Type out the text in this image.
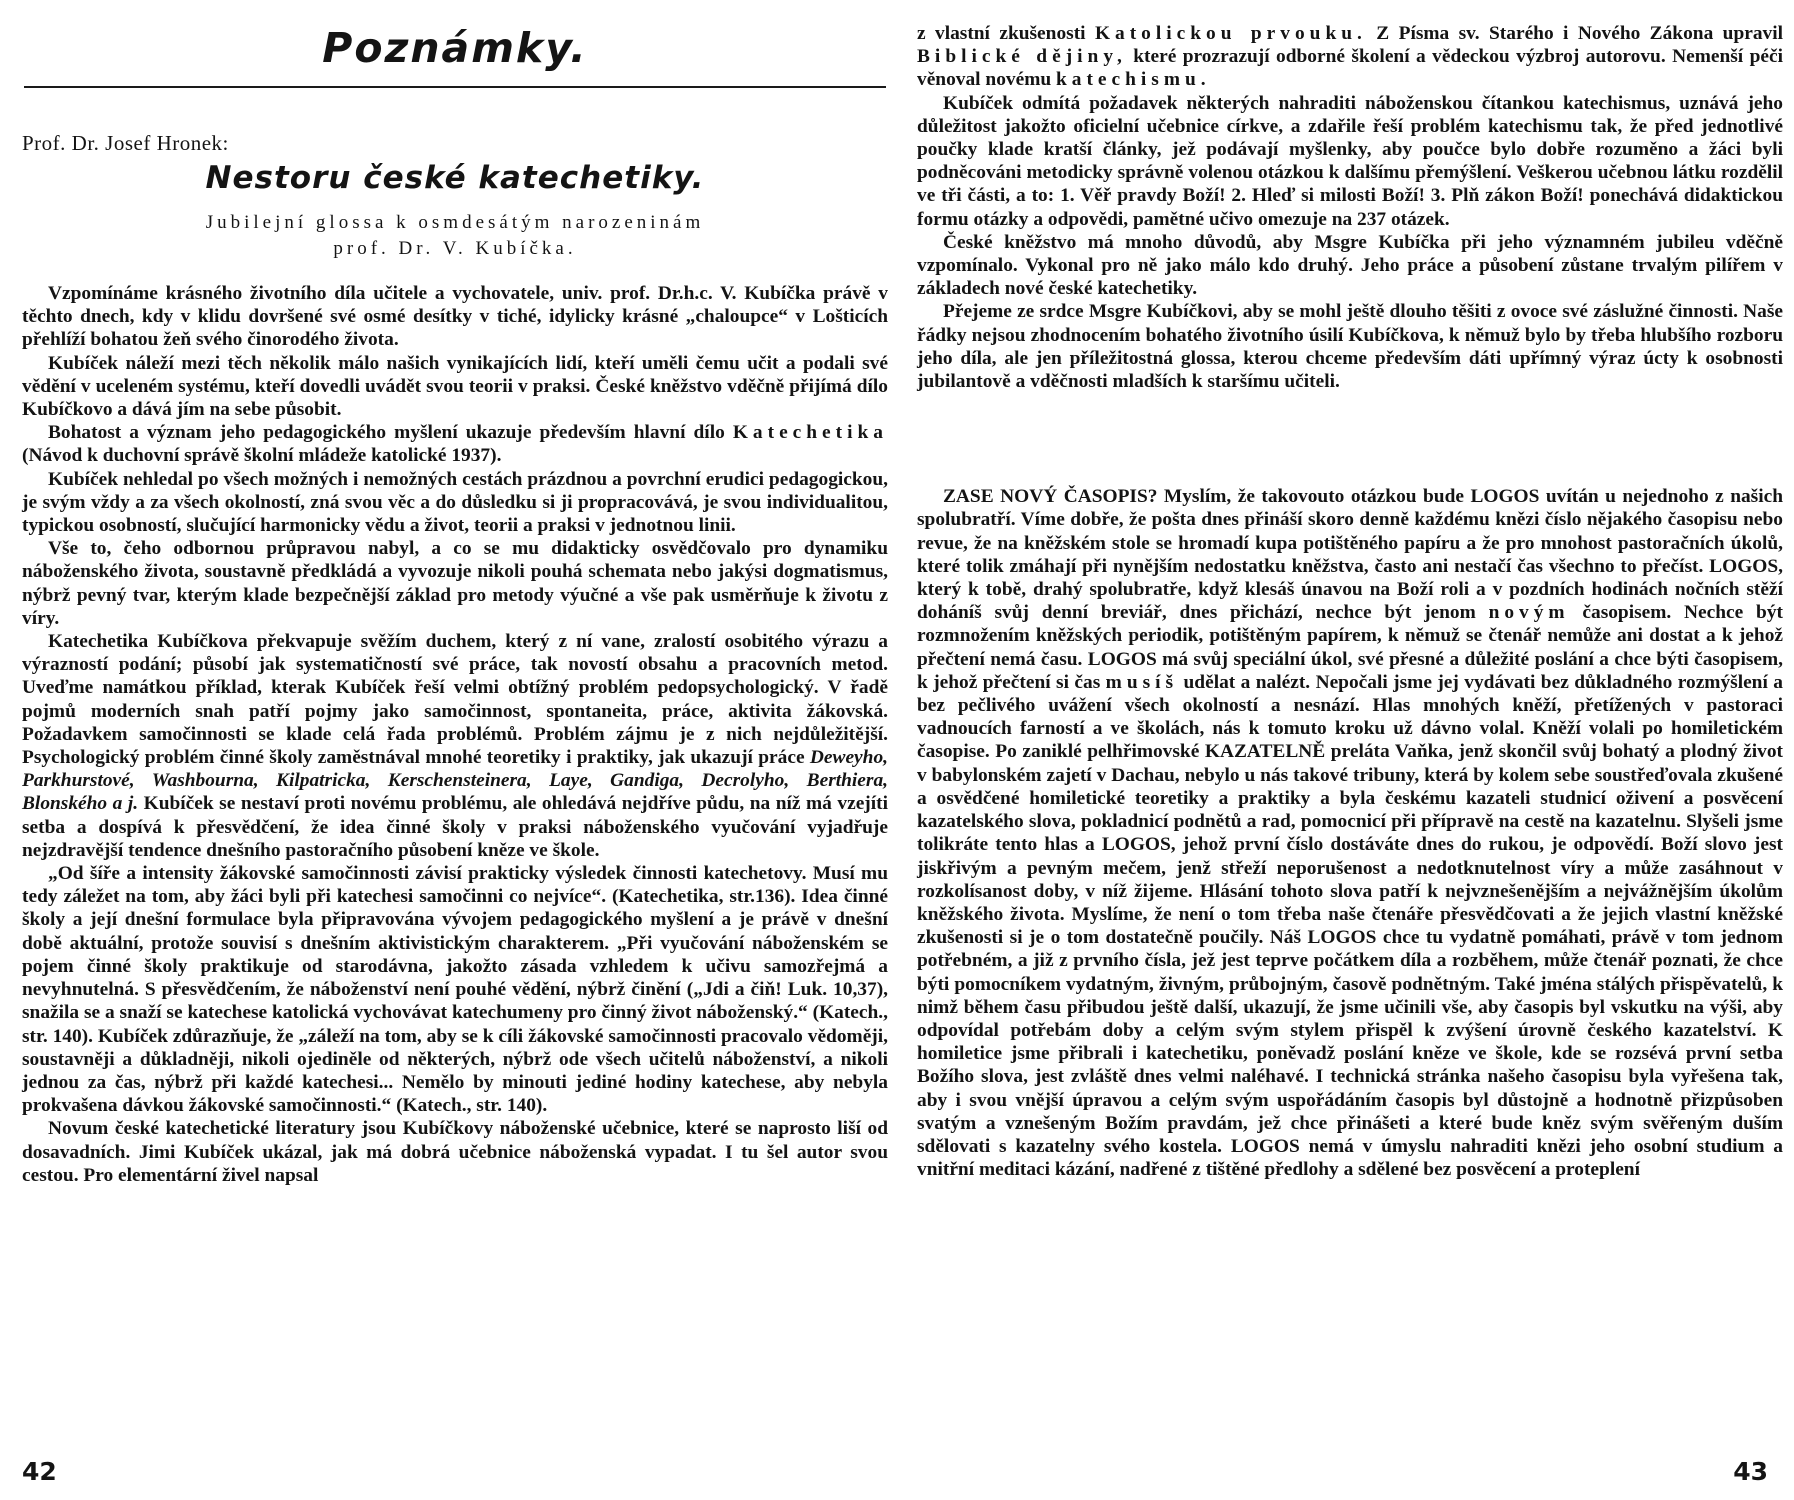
Poznámky.
Prof. Dr. Josef Hronek:
Nestoru české katechetiky.
Jubilejní glossa k osmdesátým narozeninám
prof. Dr. V. Kubíčka.

Vzpomínáme krásného životního díla učitele a vychovatele, univ. prof. Dr.h.c. V. Kubíčka právě v těchto dnech, kdy v klidu dovršené své osmé desítky v tiché, idylicky krásné „chaloupce“ v Lošticích přehlíží bohatou žeň svého činorodého života.

Kubíček náleží mezi těch několik málo našich vynikajících lidí, kteří uměli čemu učit a podali své vědění v uceleném systému, kteří dovedli uvádět svou teorii v praksi. České kněžstvo vděčně přijímá dílo Kubíčkovo a dává jím na sebe působit.

Bohatost a význam jeho pedagogického myšlení ukazuje především hlavní dílo Katechetika (Návod k duchovní správě školní mládeže katolické 1937).

Kubíček nehledal po všech možných i nemožných cestách prázdnou a povrchní erudici pedagogickou, je svým vždy a za všech okolností, zná svou věc a do důsledku si ji propracovává, je svou individualitou, typickou osobností, slučující harmonicky vědu a život, teorii a praksi v jednotnou linii.

Vše to, čeho odbornou průpravou nabyl, a co se mu didakticky osvědčovalo pro dynamiku náboženského života, soustavně předkládá a vyvozuje nikoli pouhá schemata nebo jakýsi dogmatismus, nýbrž pevný tvar, kterým klade bezpečnější základ pro metody výučné a vše pak usměrňuje k životu z víry.

Katechetika Kubíčkova překvapuje svěžím duchem, který z ní vane, zralostí osobitého výrazu a výrazností podání; působí jak systematičností své práce, tak novostí obsahu a pracovních metod. Uveďme namátkou příklad, kterak Kubíček řeší velmi obtížný problém pedopsychologický. V řadě pojmů moderních snah patří pojmy jako samočinnost, spontaneita, práce, aktivita žákovská. Požadavkem samočinnosti se klade celá řada problémů. Problém zájmu je z nich nejdůležitější. Psychologický problém činné školy zaměstnával mnohé teoretiky i praktiky, jak ukazují práce Deweyho, Parkhurstové, Washbourna, Kilpatricka, Kerschensteinera, Laye, Gandiga, Decrolyho, Berthiera, Blonského a j. Kubíček se nestaví proti novému problému, ale ohledává nejdříve půdu, na níž má vzejíti setba a dospívá k přesvědčení, že idea činné školy v praksi náboženského vyučování vyjadřuje nejzdravější tendence dnešního pastoračního působení kněze ve škole.

„Od šíře a intensity žákovské samočinnosti závisí prakticky výsledek činnosti katechetovy. Musí mu tedy záležet na tom, aby žáci byli při katechesi samočinni co nejvíce“. (Katechetika, str.136). Idea činné školy a její dnešní formulace byla připravována vývojem pedagogického myšlení a je právě v dnešní době aktuální, protože souvisí s dnešním aktivistickým charakterem. „Při vyučování náboženském se pojem činné školy praktikuje od starodávna, jakožto zásada vzhledem k učivu samozřejmá a nevyhnutelná. S přesvědčením, že náboženství není pouhé vědění, nýbrž činění („Jdi a čiň! Luk. 10,37), snažila se a snaží se katechese katolická vychovávat katechumeny pro činný život náboženský.“ (Katech., str. 140). Kubíček zdůrazňuje, že „záleží na tom, aby se k cíli žákovské samočinnosti pracovalo vědoměji, soustavněji a důkladněji, nikoli ojediněle od některých, nýbrž ode všech učitelů náboženství, a nikoli jednou za čas, nýbrž při každé katechesi... Nemělo by minouti jediné hodiny katechese, aby nebyla prokvašena dávkou žákovské samočinnosti.“ (Katech., str. 140).

Novum české katechetické literatury jsou Kubíčkovy náboženské učebnice, které se naprosto liší od dosavadních. Jimi Kubíček ukázal, jak má dobrá učebnice náboženská vypadat. I tu šel autor svou cestou. Pro elementární živel napsal

42

z vlastní zkušenosti Katolickou prvouku. Z Písma sv. Starého i Nového Zákona upravil Biblické dějiny, které prozrazují odborné školení a vědeckou výzbroj autorovu. Nemenší péči věnoval novému katechismu.

Kubíček odmítá požadavek některých nahraditi náboženskou čítankou katechismus, uznává jeho důležitost jakožto oficielní učebnice církve, a zdařile řeší problém katechismu tak, že před jednotlivé poučky klade kratší články, jež podávají myšlenky, aby poučce bylo dobře rozuměno a žáci byli podněcováni metodicky správně volenou otázkou k dalšímu přemýšlení. Veškerou učebnou látku rozdělil ve tři části, a to: 1. Věř pravdy Boží! 2. Hleď si milosti Boží! 3. Plň zákon Boží! ponechává didaktickou formu otázky a odpovědi, pamětné učivo omezuje na 237 otázek.

České kněžstvo má mnoho důvodů, aby Msgre Kubíčka při jeho významném jubileu vděčně vzpomínalo. Vykonal pro ně jako málo kdo druhý. Jeho práce a působení zůstane trvalým pilířem v základech nové české katechetiky.

Přejeme ze srdce Msgre Kubíčkovi, aby se mohl ještě dlouho těšiti z ovoce své záslužné činnosti. Naše řádky nejsou zhodnocením bohatého životního úsilí Kubíčkova, k němuž bylo by třeba hlubšího rozboru jeho díla, ale jen příležitostná glossa, kterou chceme především dáti upřímný výraz úcty k osobnosti jubilantově a vděčnosti mladších k staršímu učiteli.

ZASE NOVÝ ČASOPIS? Myslím, že takovouto otázkou bude LOGOS uvítán u nejednoho z našich spolubratří. Víme dobře, že pošta dnes přináší skoro denně každému knězi číslo nějakého časopisu nebo revue, že na kněžském stole se hromadí kupa potištěného papíru a že pro mnohost pastoračních úkolů, které tolik zmáhají při nynějším nedostatku kněžstva, často ani nestačí čas všechno to přečíst. LOGOS, který k tobě, drahý spolubratře, když klesáš únavou na Boží roli a v pozdních hodinách nočních stěží doháníš svůj denní breviář, dnes přichází, nechce být jenom novým časopisem. Nechce být rozmnožením kněžských periodik, potištěným papírem, k němuž se čtenář nemůže ani dostat a k jehož přečtení nemá času. LOGOS má svůj speciální úkol, své přesné a důležité poslání a chce býti časopisem, k jehož přečtení si čas musíš udělat a nalézt. Nepočali jsme jej vydávati bez důkladného rozmýšlení a bez pečlivého uvážení všech okolností a nesnází. Hlas mnohých kněží, přetížených v pastoraci vadnoucích farností a ve školách, nás k tomuto kroku už dávno volal. Kněží volali po homiletickém časopise. Po zaniklé pelhřimovské KAZATELNĚ preláta Vaňka, jenž skončil svůj bohatý a plodný život v babylonském zajetí v Dachau, nebylo u nás takové tribuny, která by kolem sebe soustřeďovala zkušené a osvědčené homiletické teoretiky a praktiky a byla českému kazateli studnicí oživení a posvěcení kazatelského slova, pokladnicí podnětů a rad, pomocnicí při přípravě na cestě na kazatelnu. Slyšeli jsme tolikráte tento hlas a LOGOS, jehož první číslo dostáváte dnes do rukou, je odpovědí. Boží slovo jest jiskřivým a pevným mečem, jenž střeží neporušenost a nedotknutelnost víry a může zasáhnout v rozkolísanost doby, v níž žijeme. Hlásání tohoto slova patří k nejvznešenějším a nejvážnějším úkolům kněžského života. Myslíme, že není o tom třeba naše čtenáře přesvědčovati a že jejich vlastní kněžské zkušenosti si je o tom dostatečně poučily. Náš LOGOS chce tu vydatně pomáhati, právě v tom jednom potřebném, a již z prvního čísla, jež jest teprve počátkem díla a rozběhem, může čtenář poznati, že chce býti pomocníkem vydatným, živným, průbojným, časově podnětným. Také jména stálých přispěvatelů, k nimž během času přibudou ještě další, ukazují, že jsme učinili vše, aby časopis byl vskutku na výši, aby odpovídal potřebám doby a celým svým stylem přispěl k zvýšení úrovně českého kazatelství. K homiletice jsme přibrali i katechetiku, poněvadž poslání kněze ve škole, kde se rozsévá první setba Božího slova, jest zvláště dnes velmi naléhavé. I technická stránka našeho časopisu byla vyřešena tak, aby i svou vnější úpravou a celým svým uspořádáním časopis byl důstojně a hodnotně přizpůsoben svatým a vznešeným Božím pravdám, jež chce přinášeti a které bude kněz svým svěřeným duším sdělovati s kazatelny svého kostela. LOGOS nemá v úmyslu nahraditi knězi jeho osobní studium a vnitřní meditaci kázání, nadřené z tištěné předlohy a sdělené bez posvěcení a proteplení

43
